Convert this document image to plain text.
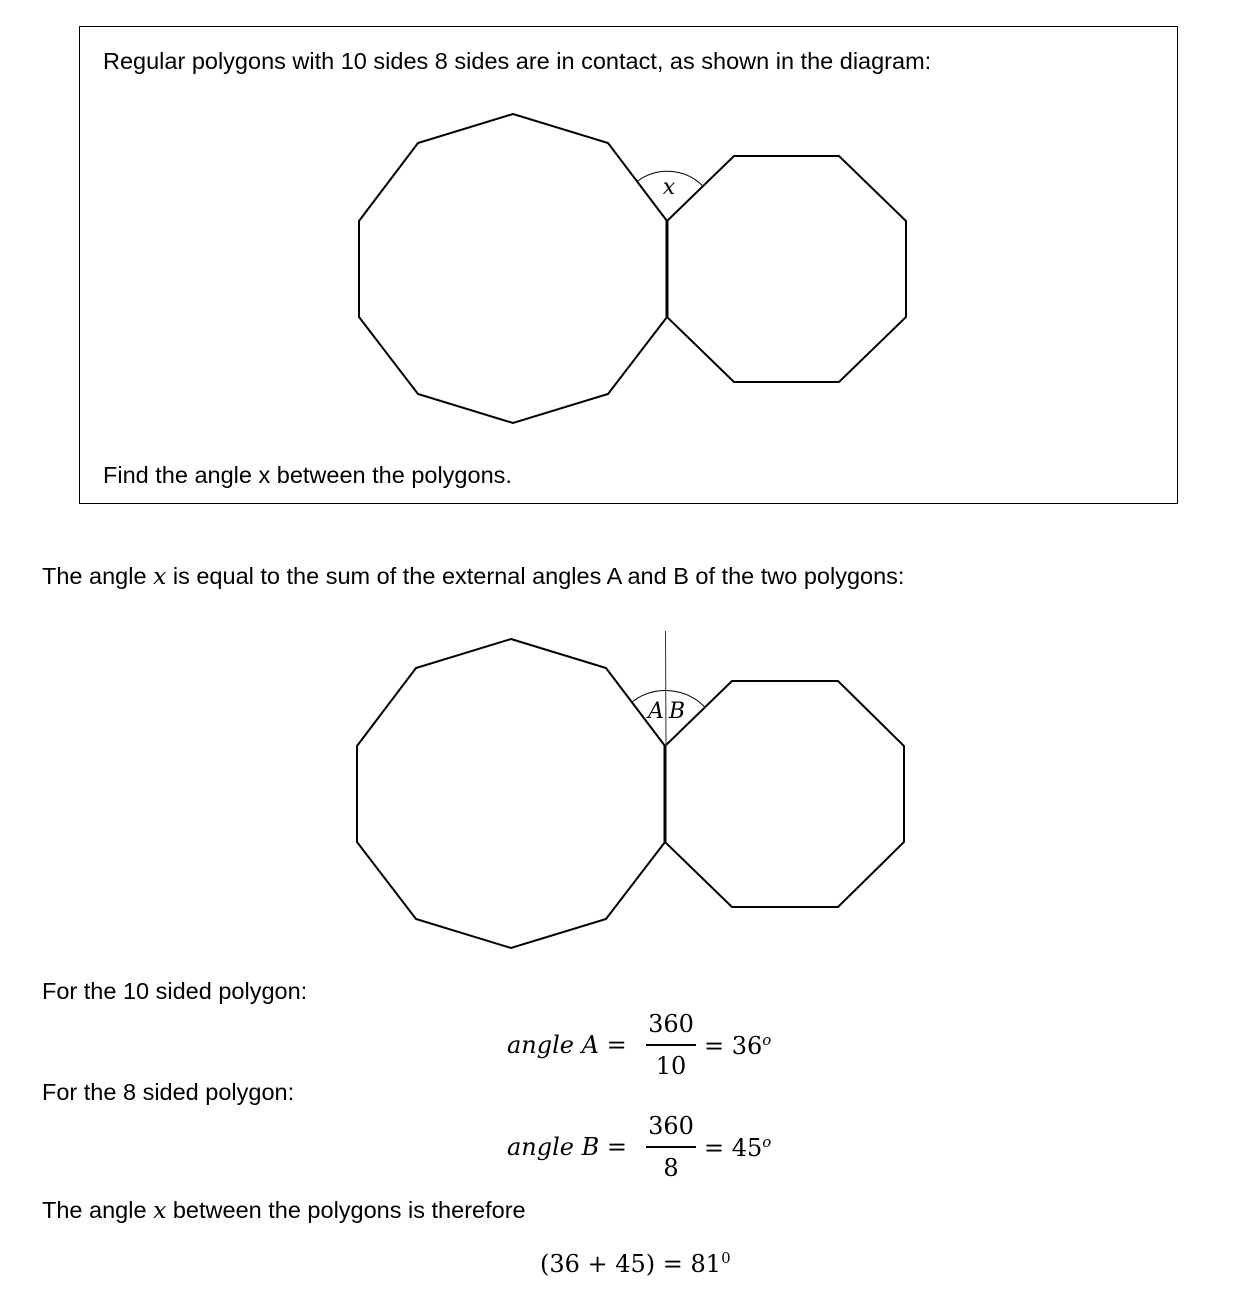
Regular polygons with 10 sides 8 sides are in contact, as shown in the diagram:
x
A B
Find the angle x between the polygons.
The angle x is equal to the sum of the external angles A and B of the two polygons:
For the 10 sided polygon:
angle A =
360
10
= $36^o$
For the 8 sided polygon:
angle B =
360
8
= $45^o$
The angle x between the polygons is therefore
$(36 + 45) = 81^0$
